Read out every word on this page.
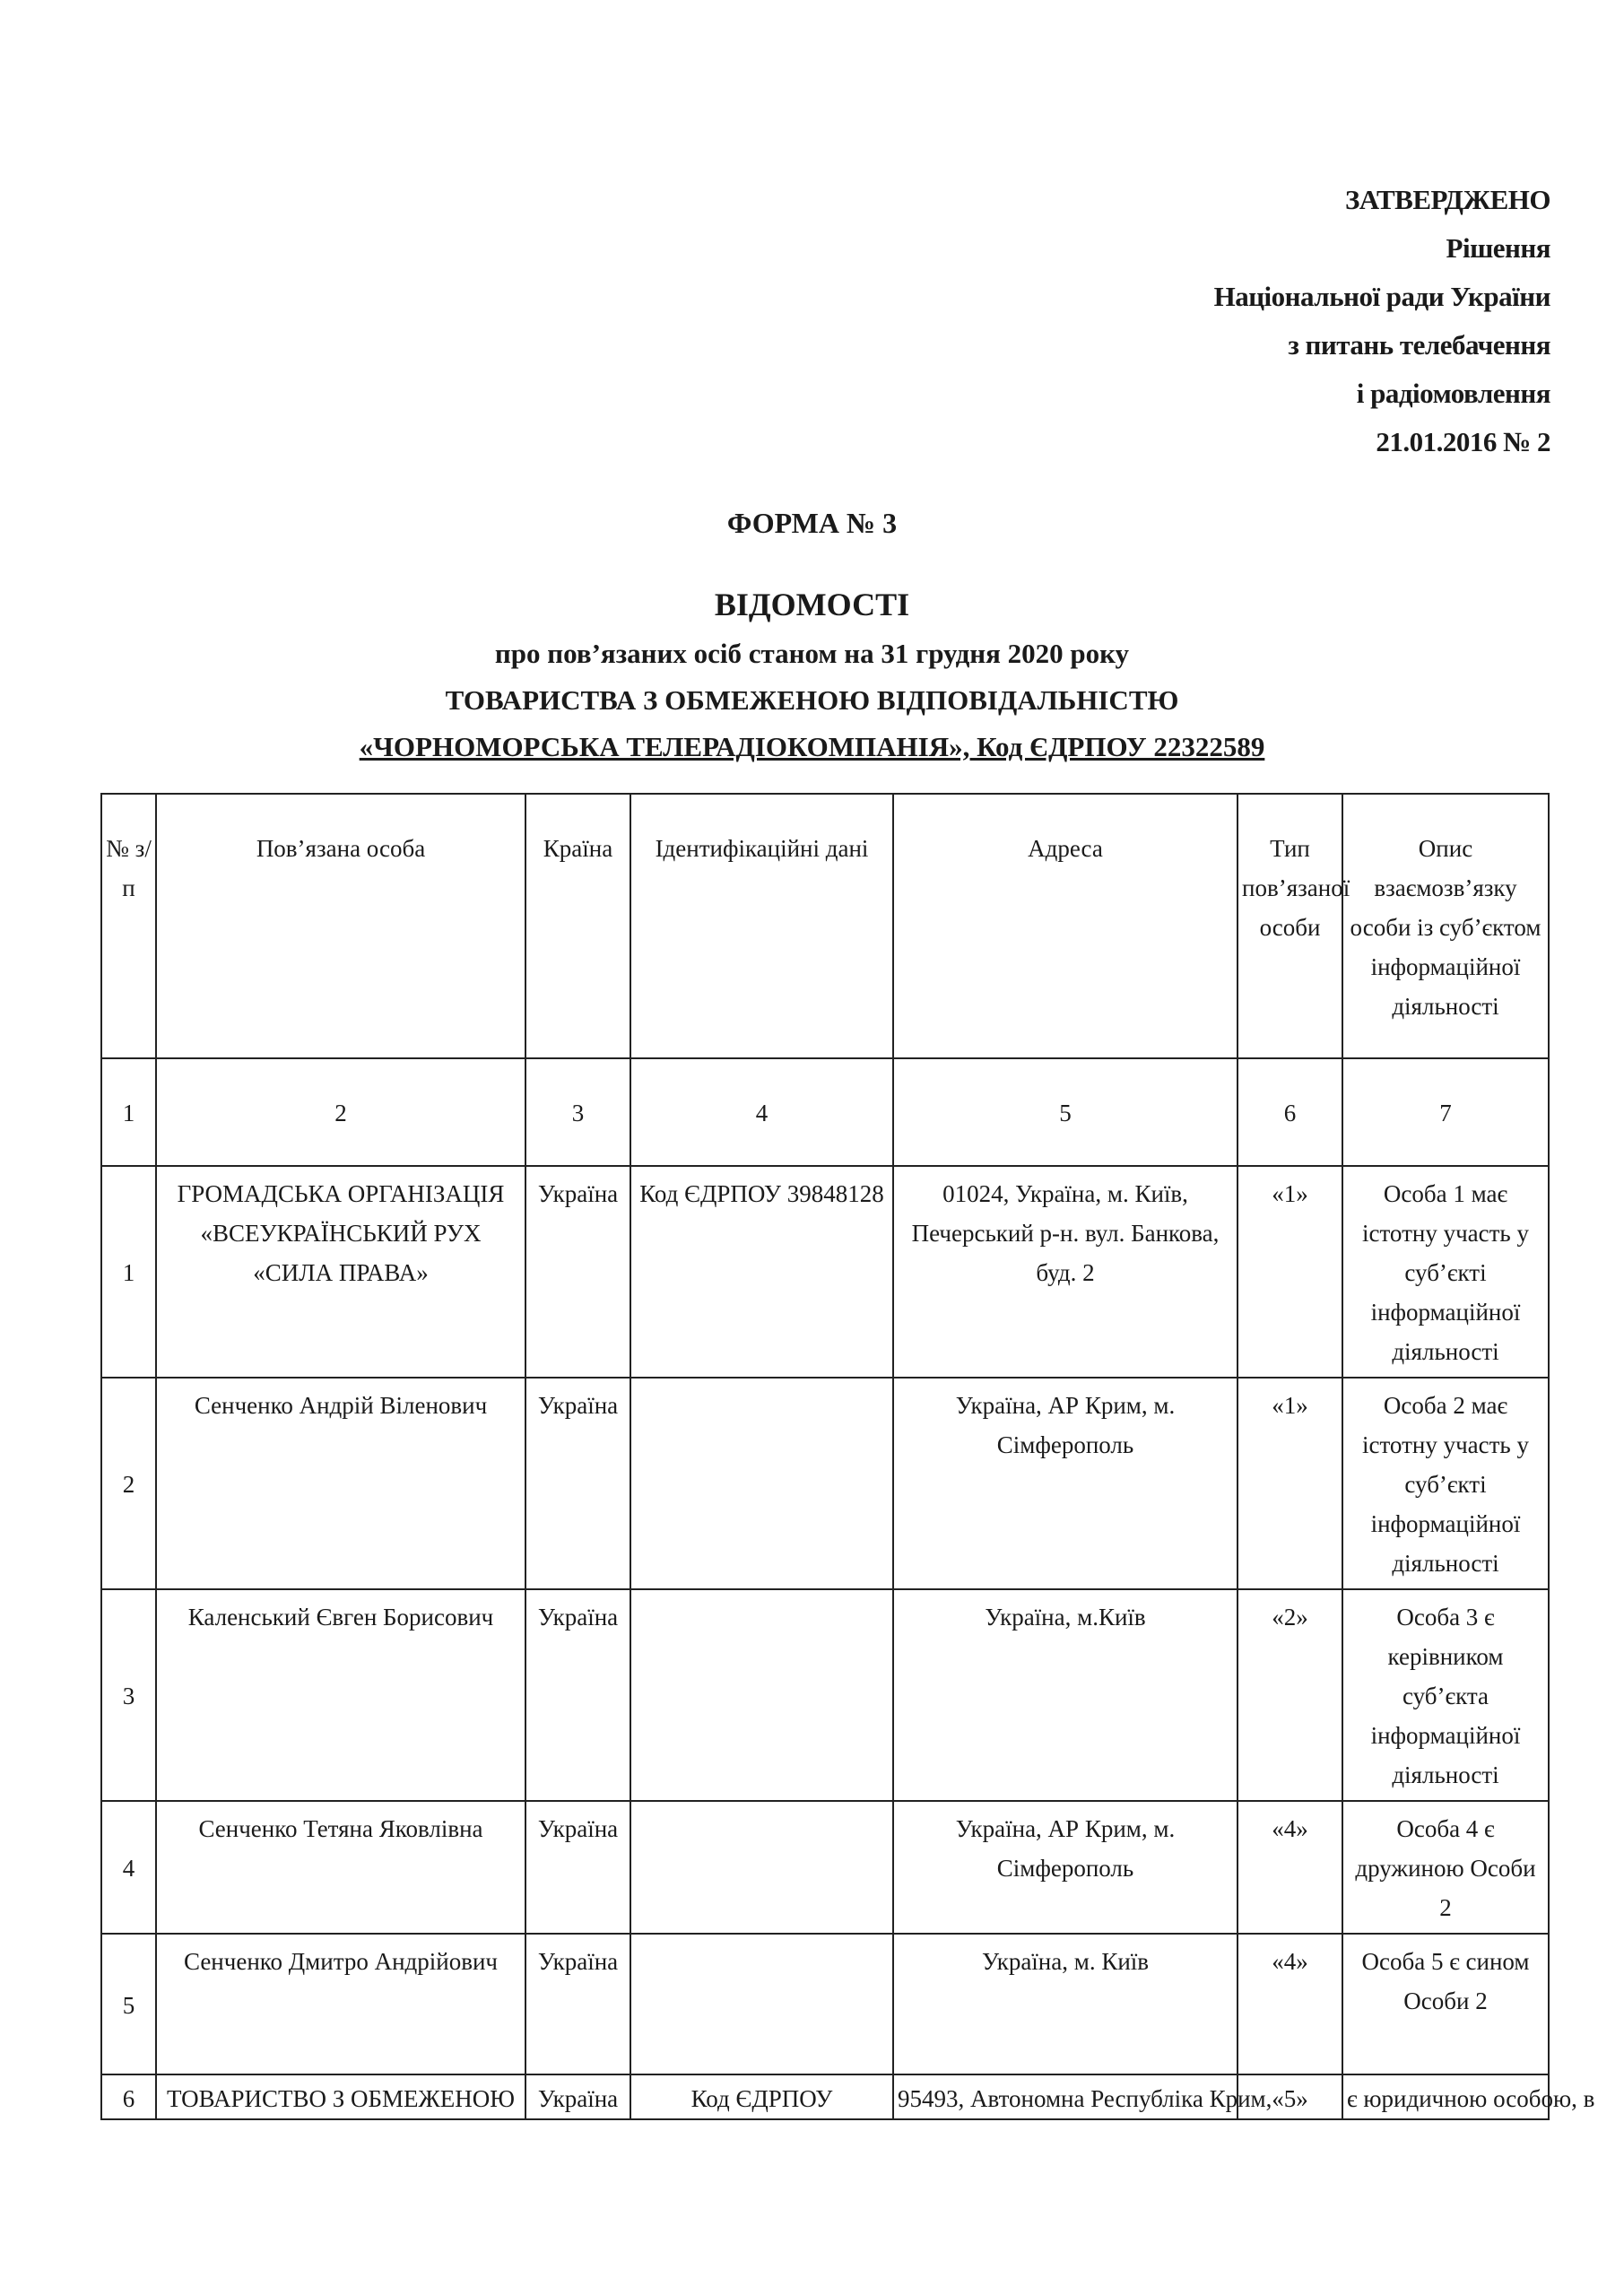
ЗАТВЕРДЖЕНО
Рішення
Національної ради України
з питань телебачення
і радіомовлення
21.01.2016 № 2
ФОРМА № 3
ВІДОМОСТІ
про пов’язаних осіб станом на 31 грудня 2020 року
ТОВАРИСТВА З ОБМЕЖЕНОЮ ВІДПОВІДАЛЬНІСТЮ
«ЧОРНОМОРСЬКА ТЕЛЕРАДІОКОМПАНІЯ», Код ЄДРПОУ 22322589
№ з/п	Пов’язана особа	Країна	Ідентифікаційні дані	Адреса	Тип пов’язаної особи	Опис взаємозв’язку особи із суб’єктом інформаційної діяльності
1	2	3	4	5	6	7
1	ГРОМАДСЬКА ОРГАНІЗАЦІЯ «ВСЕУКРАЇНСЬКИЙ РУХ «СИЛА ПРАВА»	Україна	Код ЄДРПОУ 39848128	01024, Україна, м. Київ, Печерський р-н. вул. Банкова, буд. 2	«1»	Особа 1 має істотну участь у суб’єкті інформаційної діяльності
2	Сенченко Андрій Віленович	Україна		Україна, АР Крим, м. Сімферополь	«1»	Особа 2 має істотну участь у суб’єкті інформаційної діяльності
3	Каленський Євген Борисович	Україна		Україна, м.Київ	«2»	Особа 3 є керівником суб’єкта інформаційної діяльності
4	Сенченко Тетяна Яковлівна	Україна		Україна, АР Крим, м. Сімферополь	«4»	Особа 4 є дружиною Особи 2
5	Сенченко Дмитро Андрійович	Україна		Україна, м. Київ	«4»	Особа 5 є сином Особи 2
6	ТОВАРИСТВО З ОБМЕЖЕНОЮ	Україна	Код ЄДРПОУ	95493, Автономна Республіка Крим,	«5»	є юридичною особою, в
